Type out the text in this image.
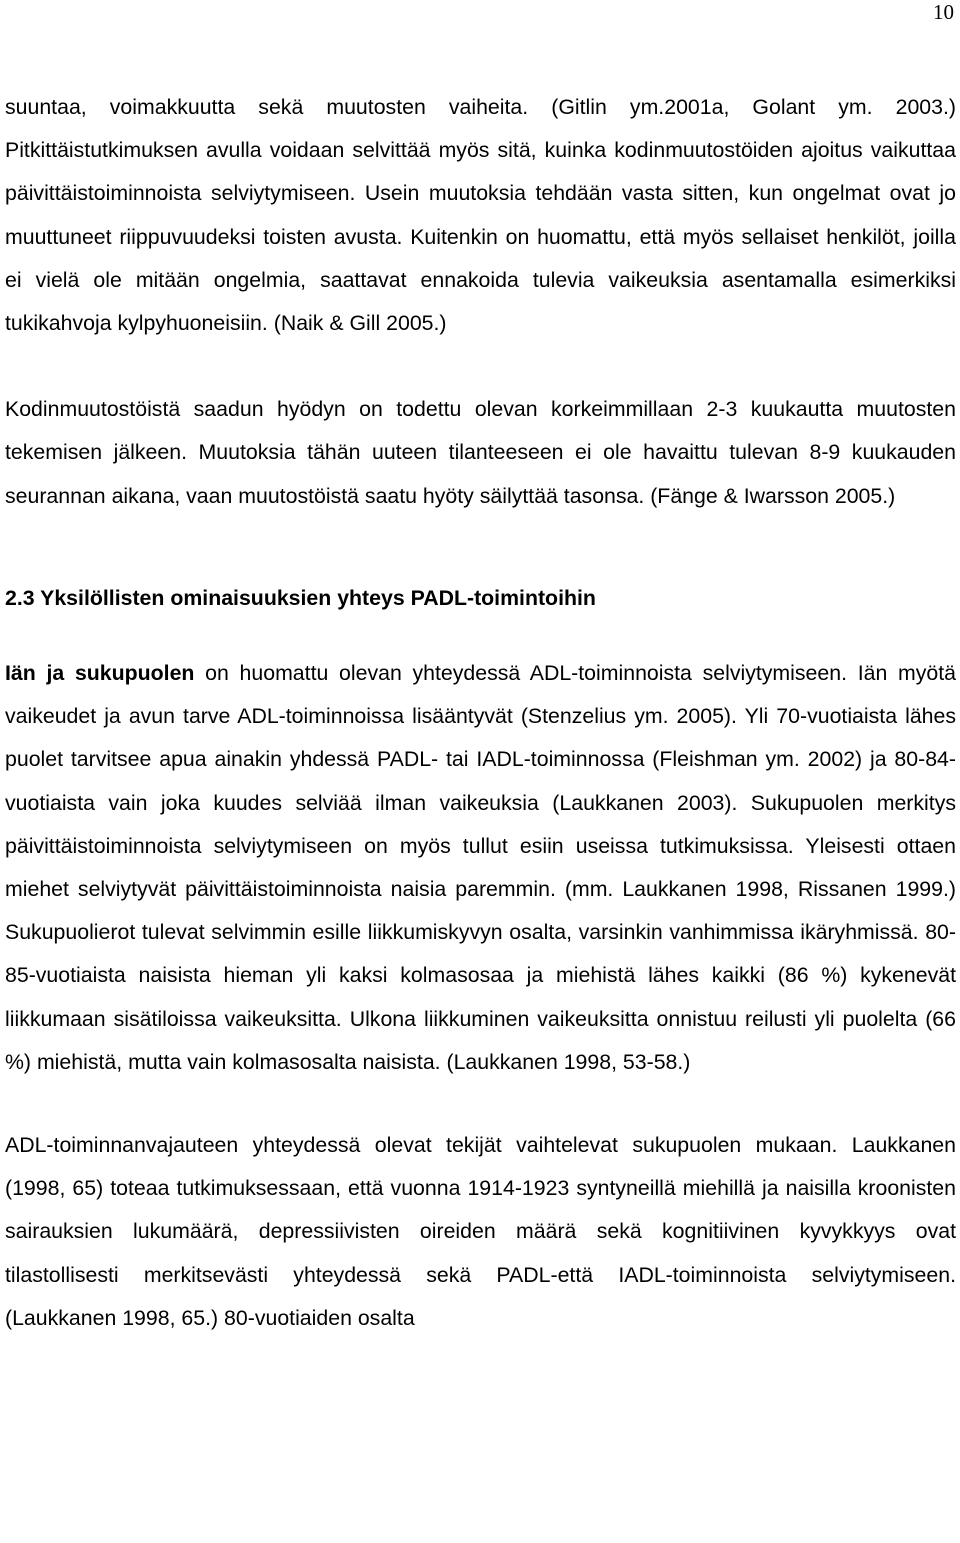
10

suuntaa, voimakkuutta sekä muutosten vaiheita. (Gitlin ym.2001a, Golant ym. 2003.) Pitkittäistutkimuksen avulla voidaan selvittää myös sitä, kuinka kodinmuutostöiden ajoitus vaikuttaa päivittäistoiminnoista selviytymiseen. Usein muutoksia tehdään vasta sitten, kun ongelmat ovat jo muuttuneet riippuvuudeksi toisten avusta. Kuitenkin on huomattu, että myös sellaiset henkilöt, joilla ei vielä ole mitään ongelmia, saattavat ennakoida tulevia vaikeuksia asentamalla esimerkiksi tukikahvoja kylpyhuoneisiin. (Naik & Gill 2005.)

Kodinmuutostöistä saadun hyödyn on todettu olevan korkeimmillaan 2-3 kuukautta muutosten tekemisen jälkeen. Muutoksia tähän uuteen tilanteeseen ei ole havaittu tulevan 8-9 kuukauden seurannan aikana, vaan muutostöistä saatu hyöty säilyttää tasonsa. (Fänge & Iwarsson 2005.)

2.3 Yksilöllisten ominaisuuksien yhteys PADL-toimintoihin

Iän ja sukupuolen on huomattu olevan yhteydessä ADL-toiminnoista selviytymiseen. Iän myötä vaikeudet ja avun tarve ADL-toiminnoissa lisääntyvät (Stenzelius ym. 2005). Yli 70-vuotiaista lähes puolet tarvitsee apua ainakin yhdessä PADL- tai IADL-toiminnossa (Fleishman ym. 2002) ja 80-84-vuotiaista vain joka kuudes selviää ilman vaikeuksia (Laukkanen 2003). Sukupuolen merkitys päivittäistoiminnoista selviytymiseen on myös tullut esiin useissa tutkimuksissa. Yleisesti ottaen miehet selviytyvät päivittäistoiminnoista naisia paremmin. (mm. Laukkanen 1998, Rissanen 1999.) Sukupuolierot tulevat selvimmin esille liikkumiskyvyn osalta, varsinkin vanhimmissa ikäryhmissä. 80-85-vuotiaista naisista hieman yli kaksi kolmasosaa ja miehistä lähes kaikki (86 %) kykenevät liikkumaan sisätiloissa vaikeuksitta. Ulkona liikkuminen vaikeuksitta onnistuu reilusti yli puolelta (66 %) miehistä, mutta vain kolmasosalta naisista. (Laukkanen 1998, 53-58.)

ADL-toiminnanvajauteen yhteydessä olevat tekijät vaihtelevat sukupuolen mukaan. Laukkanen (1998, 65) toteaa tutkimuksessaan, että vuonna 1914-1923 syntyneillä miehillä ja naisilla kroonisten sairauksien lukumäärä, depressiivisten oireiden määrä sekä kognitiivinen kyvykkyys ovat tilastollisesti merkitsevästi yhteydessä sekä PADL-että IADL-toiminnoista selviytymiseen. (Laukkanen 1998, 65.) 80-vuotiaiden osalta
